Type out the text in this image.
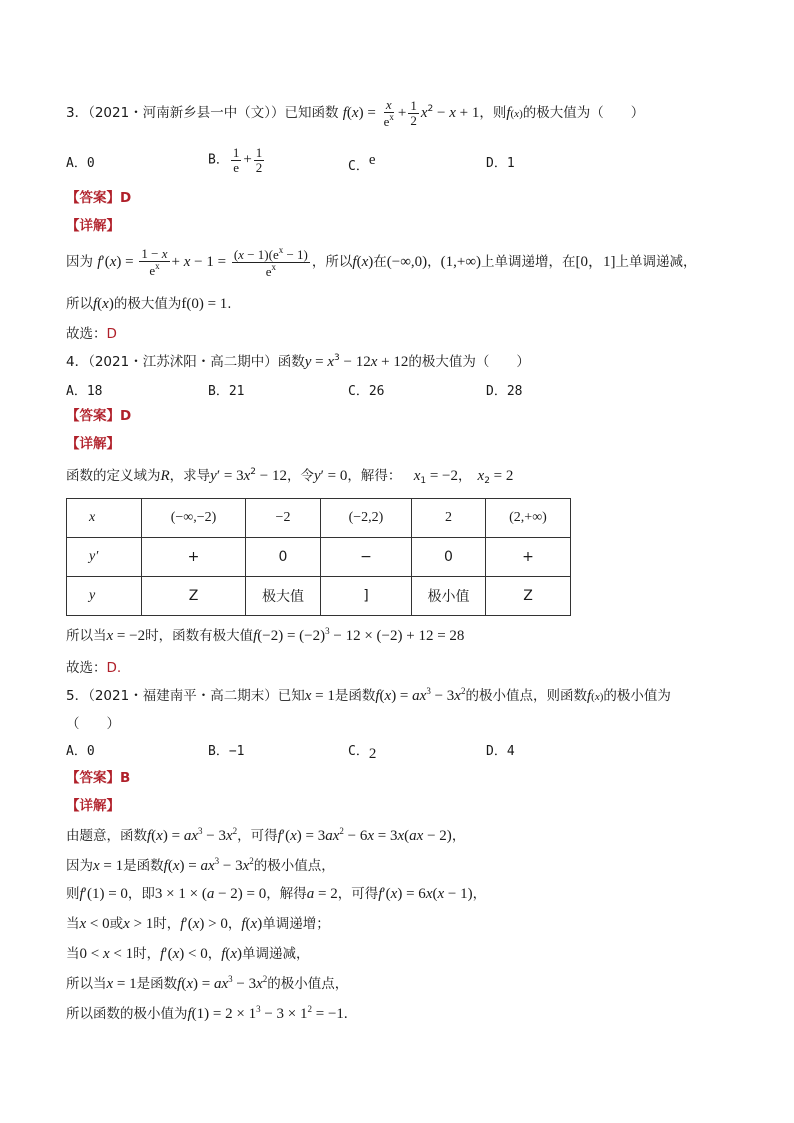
3．（2021・河南新乡县一中（文））已知函数 $f(x) = \frac{x}{e^x} + \frac{1}{2} x^2 - x + 1$，则f(x)的极大值为（　　）
A．0	B． $\frac{1}{e} + \frac{1}{2}$	C．$^e$	D．1
【答案】D
【详解】
因为 $f'(x) = \frac{1 - x}{e^x} + x - 1 = \frac{(x - 1)(e^x - 1)}{e^x}$ ，所以f(x)在(−∞,0)，(1,+∞)上单调递增，在[0，1]上单调递减，
所以f(x)的极大值为f(0) = 1.
故选：D
4．（2021・江苏沭阳・高二期中）函数$y = x^3 - 12x + 12$的极大值为（　　）
A．18	B．21	C．26	D．28
【答案】D
【详解】
函数的定义域为R，求导$y' = 3x^2 - 12$，令y′ = 0，解得： $x_1 = -2$， $x_2 = 2$
x	(−∞,−2)	−2	(−2,2)	2	(2,+∞)
y′	+	0	−	0	+
y	Z	极大值	]	极小值	Z
所以当x = −2时，函数有极大值$f(-2) = (-2)^3 - 12 \times (-2) + 12 = 28$
故选：D.
5．（2021・福建南平・高二期末）已知x = 1是函数$f(x) = ax^3 - 3x^2$的极小值点，则函数f(x)的极小值为
（　　）
A．0	B．−1	C．2	D．4
【答案】B
【详解】
由题意，函数$f(x) = ax^3 - 3x^2$，可得$f'(x) = 3ax^2 - 6x = 3x(ax - 2)$，
因为x = 1是函数$f(x) = ax^3 - 3x^2$的极小值点，
则f′(1) = 0，即3 × 1 × (a − 2) = 0，解得a = 2，可得f′(x) = 6x(x − 1)，
当x < 0或x > 1时，f′(x) > 0，f(x)单调递增；
当0 < x < 1时，f′(x) < 0，f(x)单调递减，
所以当x = 1是函数$f(x) = ax^3 - 3x^2$的极小值点，
所以函数的极小值为$f(1) = 2 \times 1^3 - 3 \times 1^2 = -1$.
